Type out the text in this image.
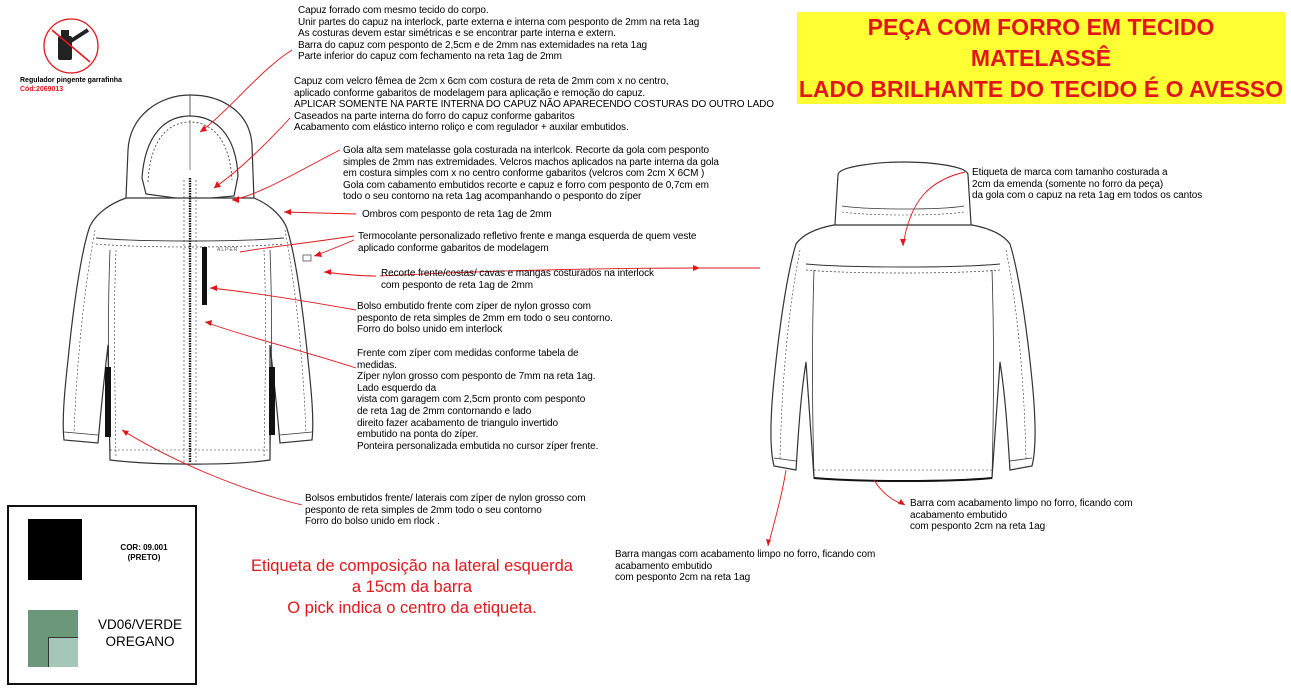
ALPER
PEÇA COM FORRO EM TECIDO MATELASSÊ
LADO BRILHANTE DO TECIDO É O AVESSO
Regulador pingente garrafinha
Cód:2069013
Capuz forrado com mesmo tecido do corpo.
Unir partes do capuz na interlock, parte externa e interna com pesponto de 2mm na reta 1ag
As costuras devem estar simétricas e se encontrar parte interna e extern.
Barra do capuz com pesponto de 2,5cm e de 2mm nas extemidades na reta 1ag
Parte inferior do capuz com fechamento na reta 1ag de 2mm
Capuz com velcro fêmea de 2cm x 6cm com costura de reta de 2mm com x no centro,
aplicado conforme gabaritos de modelagem para aplicação e remoção do capuz.
APLICAR SOMENTE NA PARTE INTERNA DO CAPUZ NÃO APARECENDO COSTURAS DO OUTRO LADO
Caseados na parte interna do forro do capuz conforme gabaritos
Acabamento com elástico interno roliço e com regulador + auxilar embutidos.
Gola alta sem matelasse gola costurada na interlcok. Recorte da gola com pesponto
simples de 2mm nas extremidades. Velcros machos aplicados na parte interna da gola
em costura simples com x no centro conforme gabaritos (velcros com 2cm X 6CM )
Gola com cabamento embutidos recorte e capuz e forro com pesponto de 0,7cm em
todo o seu contorno na reta 1ag acompanhando o pesponto do zíper
Ombros com pesponto de reta 1ag de 2mm
Termocolante personalizado refletivo frente e manga esquerda de quem veste
aplicado conforme gabaritos de modelagem
Recorte frente/costas/ cavas e mangas costurados na interlock
com pesponto de reta 1ag de 2mm
Bolso embutido frente com zíper de nylon grosso com
pesponto de reta simples de 2mm em todo o seu contorno.
Forro do bolso unido em interlock
Frente com zíper com medidas conforme tabela de
medidas.
Zíper nylon grosso com pesponto de 7mm na reta 1ag.
Lado esquerdo da
vista com garagem com 2,5cm pronto com pesponto
de reta 1ag de 2mm contornando e lado
direito fazer acabamento de triangulo invertido
embutido na ponta do zíper.
Ponteira personalizada embutida no cursor zíper frente.
Bolsos embutidos frente/ laterais com zíper de nylon grosso com
pesponto de reta simples de 2mm todo o seu contorno
Forro do bolso unido em rlock .
Etiqueta de marca com tamanho costurada a
2cm da emenda (somente no forro da peça)
da gola com o capuz na reta 1ag em todos os cantos
Barra com acabamento limpo no forro, ficando com
acabamento embutido
com pesponto 2cm na reta 1ag
Barra mangas com acabamento limpo no forro, ficando com
acabamento embutido
com pesponto 2cm na reta 1ag
Etiqueta de composição na lateral esquerda
a 15cm da barra
O pick indica o centro da etiqueta.
COR: 09.001
(PRETO)
VD06/VERDE
OREGANO
